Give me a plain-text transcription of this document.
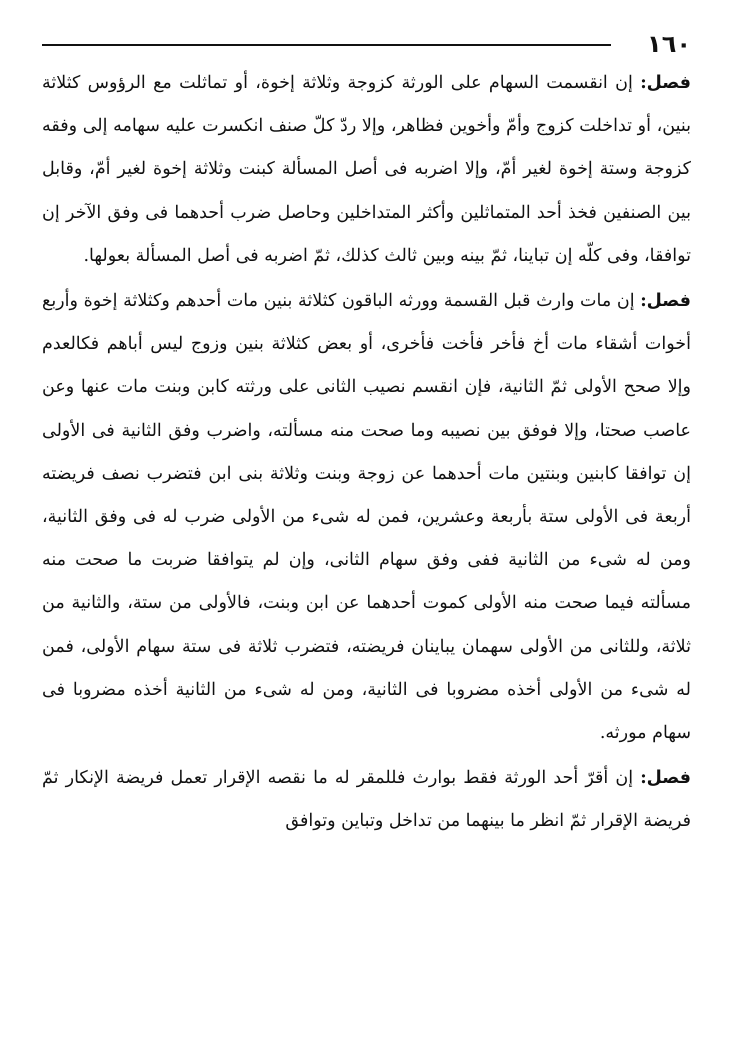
١٦٠

فصل: إن انقسمت السهام على الورثة كزوجة وثلاثة إخوة، أو تماثلت مع الرؤوس كثلاثة بنين، أو تداخلت كزوج وأمّ وأخوين فظاهر، وإلا ردّ كلّ صنف انكسرت عليه سهامه إلى وفقه كزوجة وستة إخوة لغير أمّ، وإلا اضربه فى أصل المسألة كبنت وثلاثة إخوة لغير أمّ، وقابل بين الصنفين فخذ أحد المتماثلين وأكثر المتداخلين وحاصل ضرب أحدهما فى وفق الآخر إن توافقا، وفى كلّه إن تباينا، ثمّ بينه وبين ثالث كذلك، ثمّ اضربه فى أصل المسألة بعولها.

فصل: إن مات وارث قبل القسمة وورثه الباقون كثلاثة بنين مات أحدهم وكثلاثة إخوة وأربع أخوات أشقاء مات أخ فأخر فأخت فأخرى، أو بعض كثلاثة بنين وزوج ليس أباهم فكالعدم وإلا صحح الأولى ثمّ الثانية، فإن انقسم نصيب الثانى على ورثته كابن وبنت مات عنها وعن عاصب صحتا، وإلا فوفق بين نصيبه وما صحت منه مسألته، واضرب وفق الثانية فى الأولى إن توافقا كابنين وبنتين مات أحدهما عن زوجة وبنت وثلاثة بنى ابن فتضرب نصف فريضته أربعة فى الأولى ستة بأربعة وعشرين، فمن له شىء من الأولى ضرب له فى وفق الثانية، ومن له شىء من الثانية ففى وفق سهام الثانى، وإن لم يتوافقا ضربت ما صحت منه مسألته فيما صحت منه الأولى كموت أحدهما عن ابن وبنت، فالأولى من ستة، والثانية من ثلاثة، وللثانى من الأولى سهمان يباينان فريضته، فتضرب ثلاثة فى ستة سهام الأولى، فمن له شىء من الأولى أخذه مضروبا فى الثانية، ومن له شىء من الثانية أخذه مضروبا فى سهام مورثه.

فصل: إن أقرّ أحد الورثة فقط بوارث فللمقر له ما نقصه الإقرار تعمل فريضة الإنكار ثمّ فريضة الإقرار ثمّ انظر ما بينهما من تداخل وتباين وتوافق
